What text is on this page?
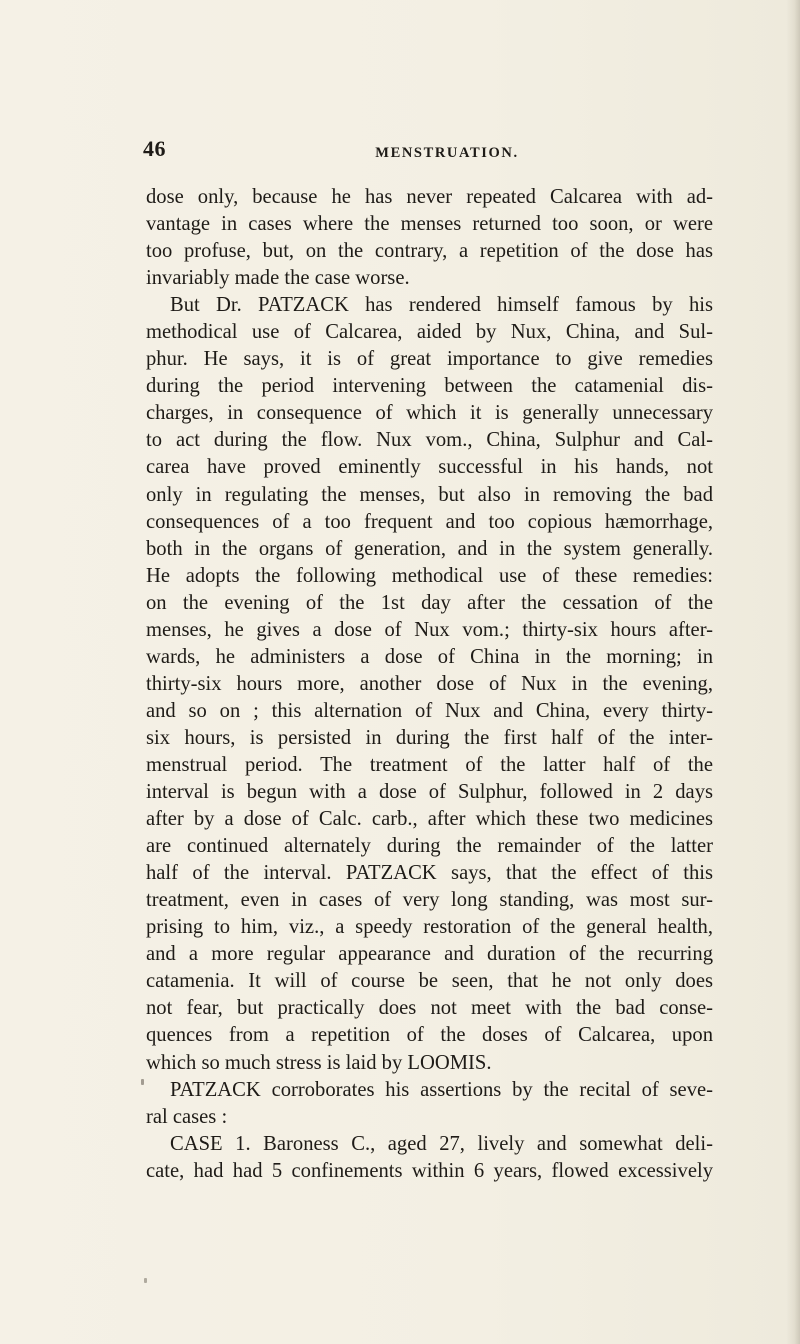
46	MENSTRUATION.
dose only, because he has never repeated Calcarea with ad-
vantage in cases where the menses returned too soon, or were
too profuse, but, on the contrary, a repetition of the dose has
invariably made the case worse.
But Dr. PATZACK has rendered himself famous by his
methodical use of Calcarea, aided by Nux, China, and Sul-
phur. He says, it is of great importance to give remedies
during the period intervening between the catamenial dis-
charges, in consequence of which it is generally unnecessary
to act during the flow. Nux vom., China, Sulphur and Cal-
carea have proved eminently successful in his hands, not
only in regulating the menses, but also in removing the bad
consequences of a too frequent and too copious hæmorrhage,
both in the organs of generation, and in the system generally.
He adopts the following methodical use of these remedies:
on the evening of the 1st day after the cessation of the
menses, he gives a dose of Nux vom.; thirty-six hours after-
wards, he administers a dose of China in the morning; in
thirty-six hours more, another dose of Nux in the evening,
and so on ; this alternation of Nux and China, every thirty-
six hours, is persisted in during the first half of the inter-
menstrual period. The treatment of the latter half of the
interval is begun with a dose of Sulphur, followed in 2 days
after by a dose of Calc. carb., after which these two medicines
are continued alternately during the remainder of the latter
half of the interval. PATZACK says, that the effect of this
treatment, even in cases of very long standing, was most sur-
prising to him, viz., a speedy restoration of the general health,
and a more regular appearance and duration of the recurring
catamenia. It will of course be seen, that he not only does
not fear, but practically does not meet with the bad conse-
quences from a repetition of the doses of Calcarea, upon
which so much stress is laid by LOOMIS.
PATZACK corroborates his assertions by the recital of seve-
ral cases :
CASE 1. Baroness C., aged 27, lively and somewhat deli-
cate, had had 5 confinements within 6 years, flowed excessively
